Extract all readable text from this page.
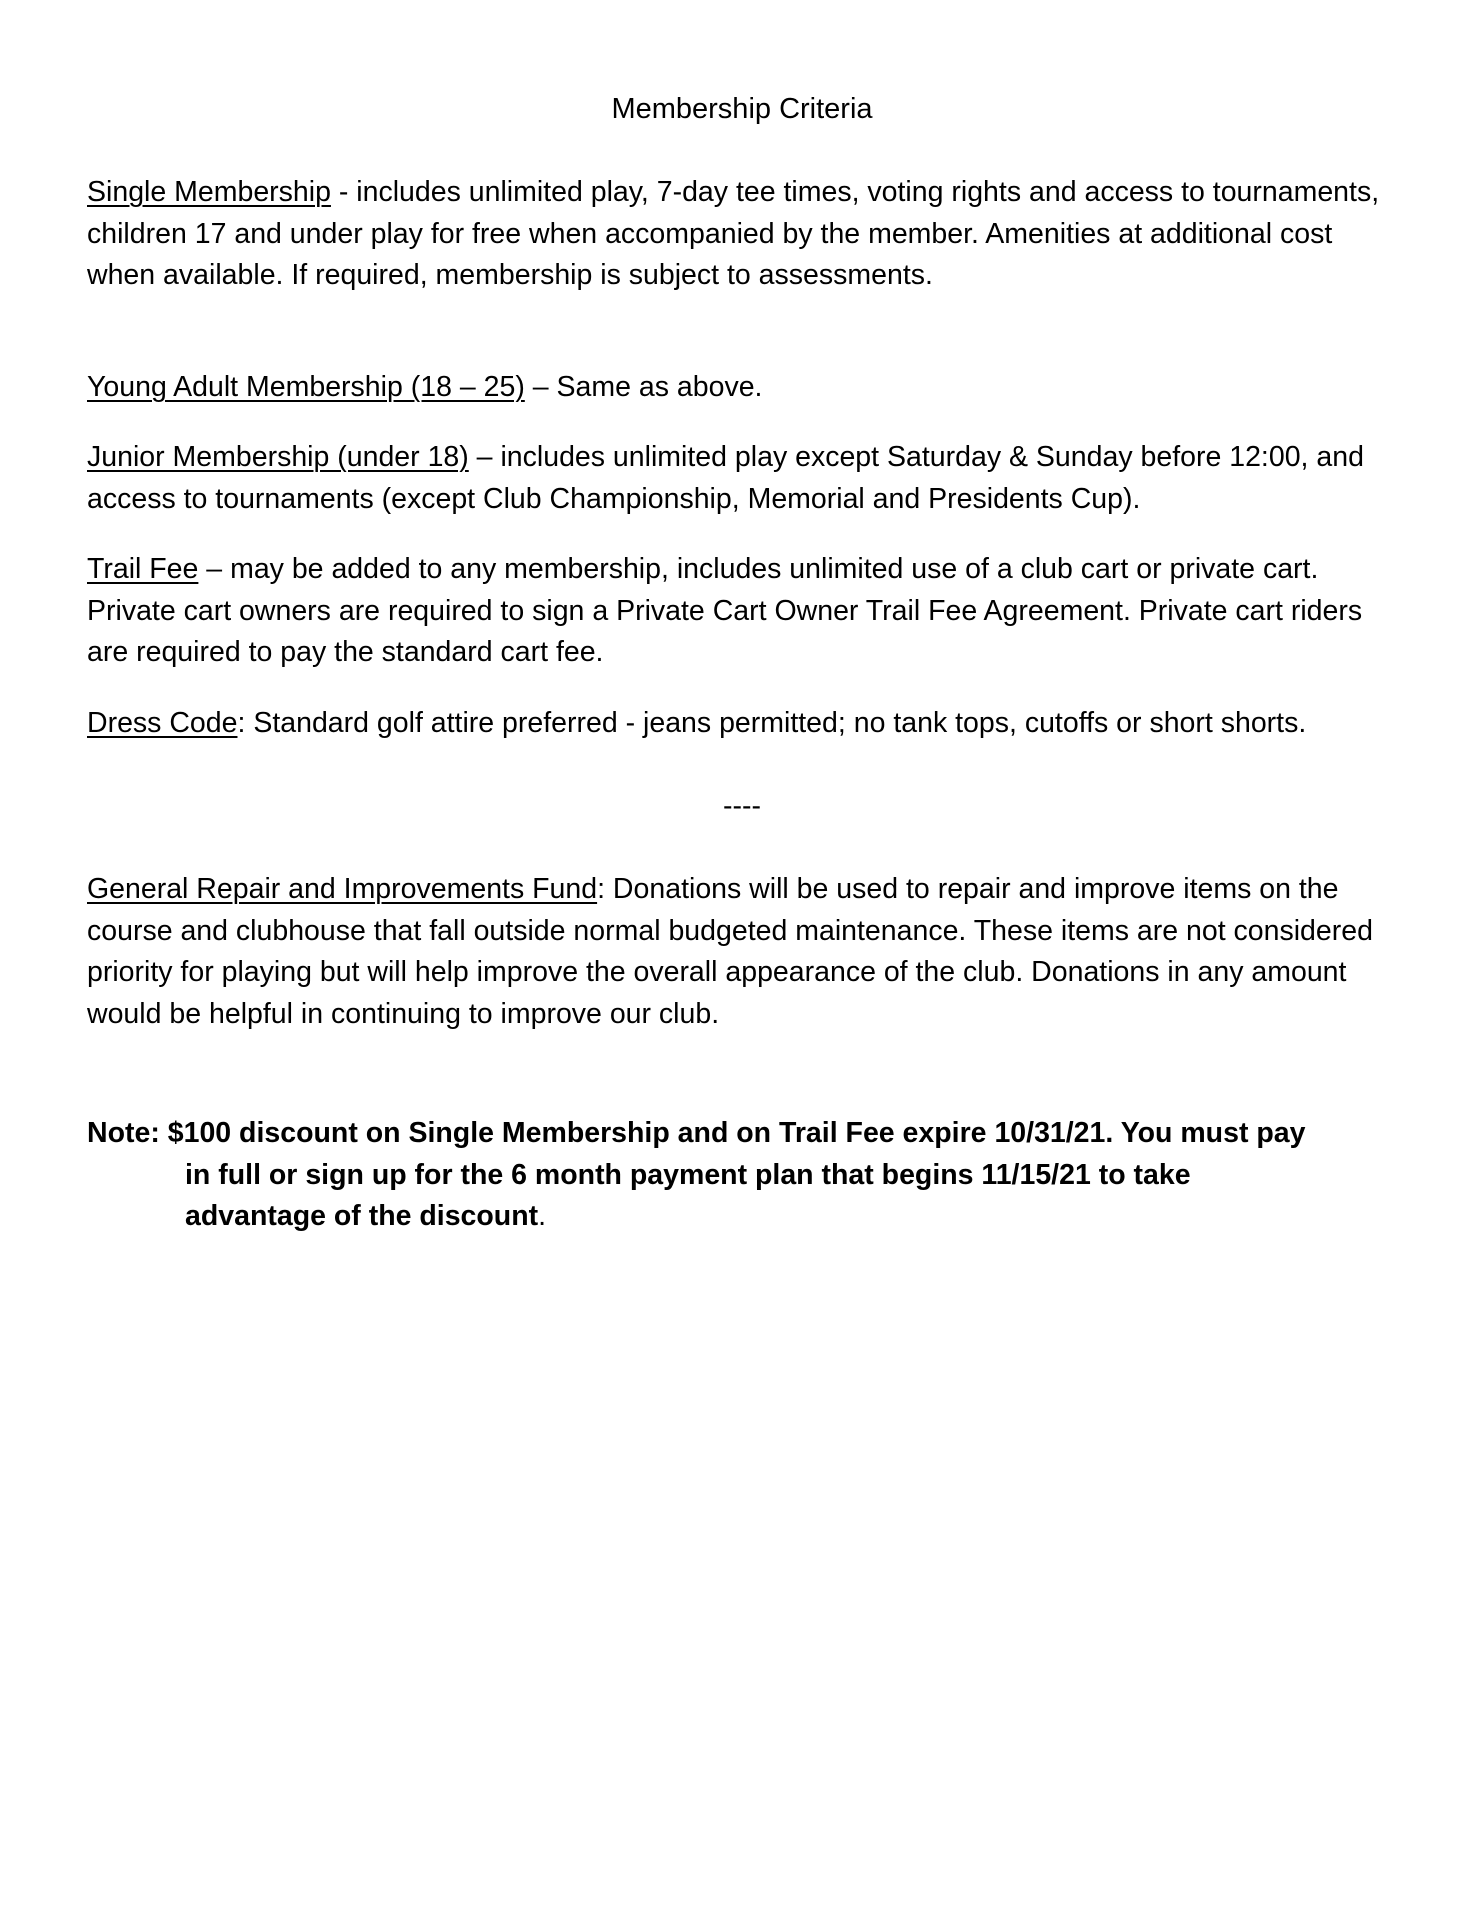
Membership Criteria

Single Membership - includes unlimited play, 7-day tee times, voting rights and access to tournaments, children 17 and under play for free when accompanied by the member. Amenities at additional cost when available. If required, membership is subject to assessments.

Young Adult Membership (18 – 25) – Same as above.

Junior Membership (under 18) – includes unlimited play except Saturday & Sunday before 12:00, and access to tournaments (except Club Championship, Memorial and Presidents Cup).

Trail Fee – may be added to any membership, includes unlimited use of a club cart or private cart. Private cart owners are required to sign a Private Cart Owner Trail Fee Agreement. Private cart riders are required to pay the standard cart fee.

Dress Code: Standard golf attire preferred - jeans permitted; no tank tops, cutoffs or short shorts.

----

General Repair and Improvements Fund: Donations will be used to repair and improve items on the course and clubhouse that fall outside normal budgeted maintenance. These items are not considered priority for playing but will help improve the overall appearance of the club. Donations in any amount would be helpful in continuing to improve our club.

Note: $100 discount on Single Membership and on Trail Fee expire 10/31/21. You must pay
in full or sign up for the 6 month payment plan that begins 11/15/21 to take
advantage of the discount.
